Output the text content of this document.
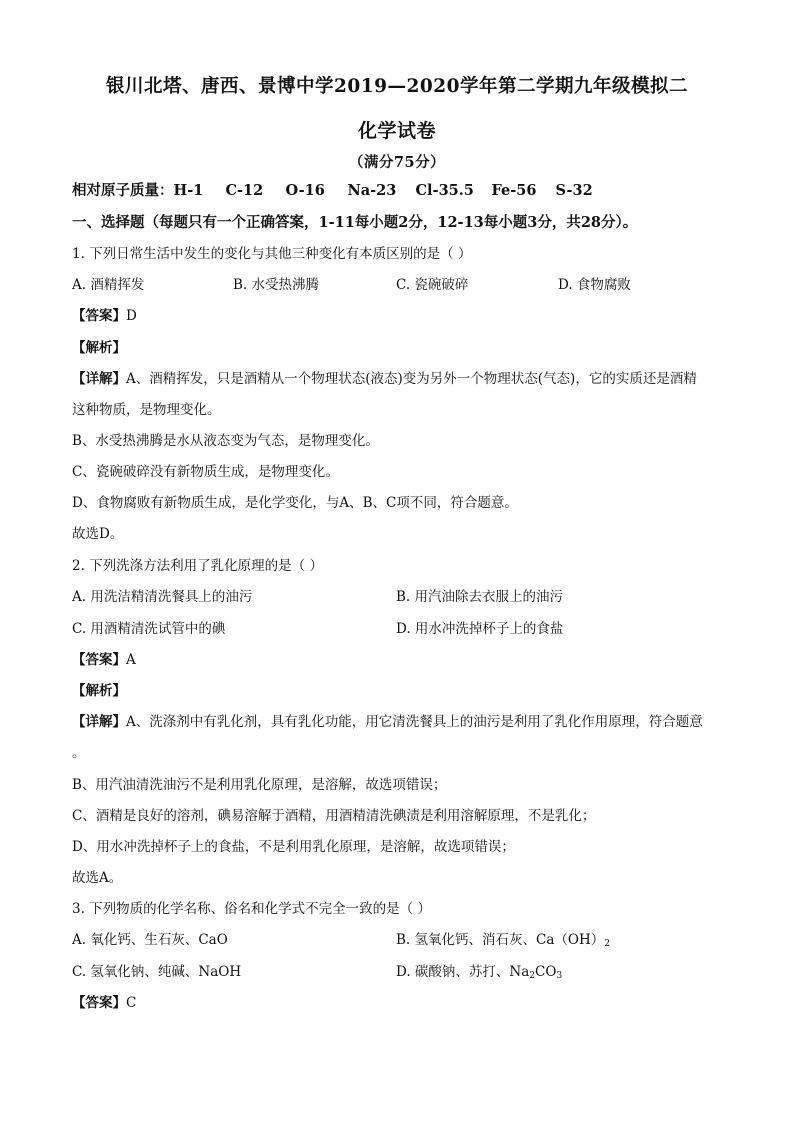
银川北塔、唐西、景博中学2019—2020学年第二学期九年级模拟二
化学试卷
（满分75分）
相对原子质量：H-1 C-12 O-16 Na-23 Cl-35.5 Fe-56 S-32
一、选择题（每题只有一个正确答案，1-11每小题2分，12-13每小题3分，共28分）。
1. 下列日常生活中发生的变化与其他三种变化有本质区别的是（ ）
A. 酒精挥发	B. 水受热沸腾	C. 瓷碗破碎	D. 食物腐败
【答案】D
【解析】
【详解】A、酒精挥发，只是酒精从一个物理状态(液态)变为另外一个物理状态(气态)，它的实质还是酒精
这种物质，是物理变化。
B、水受热沸腾是水从液态变为气态，是物理变化。
C、瓷碗破碎没有新物质生成，是物理变化。
D、食物腐败有新物质生成，是化学变化，与A、B、C项不同，符合题意。
故选D。
2. 下列洗涤方法利用了乳化原理的是（ ）
A. 用洗洁精清洗餐具上的油污	B. 用汽油除去衣服上的油污
C. 用酒精清洗试管中的碘	D. 用水冲洗掉杯子上的食盐
【答案】A
【解析】
【详解】A、洗涤剂中有乳化剂，具有乳化功能，用它清洗餐具上的油污是利用了乳化作用原理，符合题意
。
B、用汽油清洗油污不是利用乳化原理，是溶解，故选项错误；
C、酒精是良好的溶剂，碘易溶解于酒精，用酒精清洗碘渍是利用溶解原理，不是乳化；
D、用水冲洗掉杯子上的食盐，不是利用乳化原理，是溶解，故选项错误；
故选A。
3. 下列物质的化学名称、俗名和化学式不完全一致的是（ ）
A. 氧化钙、生石灰、CaO	B. 氢氧化钙、消石灰、$Ca(OH)_2$
C. 氢氧化钠、纯碱、NaOH	D. 碳酸钠、苏打、$Na_2CO_3$
【答案】C
